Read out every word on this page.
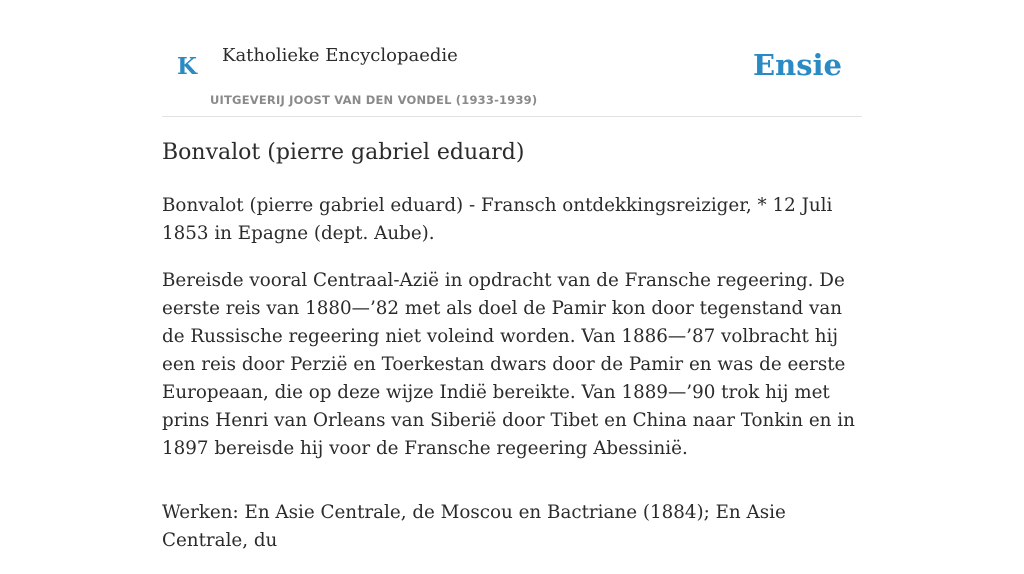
K Katholieke Encyclopaedie
UITGEVERIJ JOOST VAN DEN VONDEL (1933-1939)
Ensie
Bonvalot (pierre gabriel eduard)

Bonvalot (pierre gabriel eduard) - Fransch ontdekkingsreiziger, * 12 Juli 1853 in Epagne (dept. Aube).

Bereisde vooral Centraal-Azië in opdracht van de Fransche regeering. De eerste reis van 1880—’82 met als doel de Pamir kon door tegenstand van de Russische regeering niet voleind worden. Van 1886—’87 volbracht hij een reis door Perzië en Toerkestan dwars door de Pamir en was de eerste Europeaan, die op deze wijze Indië bereikte. Van 1889—’90 trok hij met prins Henri van Orleans van Siberië door Tibet en China naar Tonkin en in 1897 bereisde hij voor de Fransche regeering Abessinië.

Werken: En Asie Centrale, de Moscou en Bactriane (1884); En Asie Centrale, du
